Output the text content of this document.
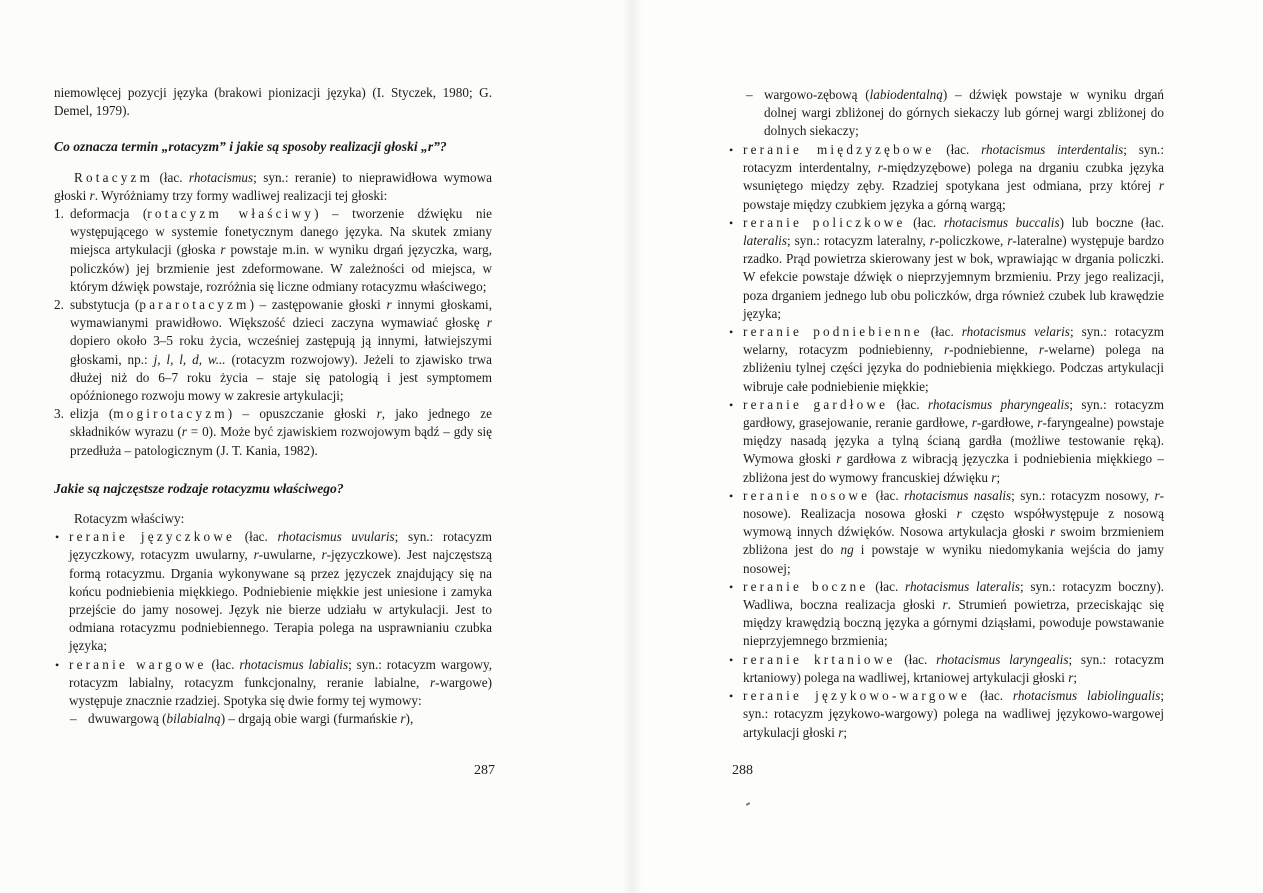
niemowlęcej pozycji języka (brakowi pionizacji języka) (I. Styczek, 1980; G. Demel, 1979).

Co oznacza termin „rotacyzm” i jakie są sposoby realizacji głoski „r”?

Rotacyzm (łac. rhotacismus; syn.: reranie) to nieprawidłowa wymowa głoski r. Wyróżniamy trzy formy wadliwej realizacji tej głoski:

1. deformacja (rotacyzm właściwy) – tworzenie dźwięku nie występującego w systemie fonetycznym danego języka. Na skutek zmiany miejsca artykulacji (głoska r powstaje m.in. w wyniku drgań języczka, warg, policzków) jej brzmienie jest zdeformowane. W zależności od miejsca, w którym dźwięk powstaje, rozróżnia się liczne odmiany rotacyzmu właściwego;
2. substytucja (pararotacyzm) – zastępowanie głoski r innymi głoskami, wymawianymi prawidłowo. Większość dzieci zaczyna wymawiać głoskę r dopiero około 3–5 roku życia, wcześniej zastępują ją innymi, łatwiejszymi głoskami, np.: j, l, l, d, w... (rotacyzm rozwojowy). Jeżeli to zjawisko trwa dłużej niż do 6–7 roku życia – staje się patologią i jest symptomem opóźnionego rozwoju mowy w zakresie artykulacji;
3. elizja (mogirotacyzm) – opuszczanie głoski r, jako jednego ze składników wyrazu (r = 0). Może być zjawiskiem rozwojowym bądź – gdy się przedłuża – patologicznym (J. T. Kania, 1982).

Jakie są najczęstsze rodzaje rotacyzmu właściwego?

Rotacyzm właściwy:

• reranie języczkowe (łac. rhotacismus uvularis; syn.: rotacyzm języczkowy, rotacyzm uwularny, r-uwularne, r-języczkowe). Jest najczęstszą formą rotacyzmu. Drgania wykonywane są przez języczek znajdujący się na końcu podniebienia miękkiego. Podniebienie miękkie jest uniesione i zamyka przejście do jamy nosowej. Język nie bierze udziału w artykulacji. Jest to odmiana rotacyzmu podniebiennego. Terapia polega na usprawnianiu czubka języka;
• reranie wargowe (łac. rhotacismus labialis; syn.: rotacyzm wargowy, rotacyzm labialny, rotacyzm funkcjonalny, reranie labialne, r-wargowe) występuje znacznie rzadziej. Spotyka się dwie formy tej wymowy:

– dwuwargową (bilabialną) – drgają obie wargi (furmańskie r),

287

– wargowo-zębową (labiodentalną) – dźwięk powstaje w wyniku drgań dolnej wargi zbliżonej do górnych siekaczy lub górnej wargi zbliżonej do dolnych siekaczy;

• reranie międzyzębowe (łac. rhotacismus interdentalis; syn.: rotacyzm interdentalny, r-międzyzębowe) polega na drganiu czubka języka wsuniętego między zęby. Rzadziej spotykana jest odmiana, przy której r powstaje między czubkiem języka a górną wargą;
• reranie policzkowe (łac. rhotacismus buccalis) lub boczne (łac. lateralis; syn.: rotacyzm lateralny, r-policzkowe, r-lateralne) występuje bardzo rzadko. Prąd powietrza skierowany jest w bok, wprawiając w drgania policzki. W efekcie powstaje dźwięk o nieprzyjemnym brzmieniu. Przy jego realizacji, poza drganiem jednego lub obu policzków, drga również czubek lub krawędzie języka;
• reranie podniebienne (łac. rhotacismus velaris; syn.: rotacyzm welarny, rotacyzm podniebienny, r-podniebienne, r-welarne) polega na zbliżeniu tylnej części języka do podniebienia miękkiego. Podczas artykulacji wibruje całe podniebienie miękkie;
• reranie gardłowe (łac. rhotacismus pharyngealis; syn.: rotacyzm gardłowy, grasejowanie, reranie gardłowe, r-gardłowe, r-faryngealne) powstaje między nasadą języka a tylną ścianą gardła (możliwe testowanie ręką). Wymowa głoski r gardłowa z wibracją języczka i podniebienia miękkiego – zbliżona jest do wymowy francuskiej dźwięku r;
• reranie nosowe (łac. rhotacismus nasalis; syn.: rotacyzm nosowy, r-nosowe). Realizacja nosowa głoski r często współwystępuje z nosową wymową innych dźwięków. Nosowa artykulacja głoski r swoim brzmieniem zbliżona jest do ng i powstaje w wyniku niedomykania wejścia do jamy nosowej;
• reranie boczne (łac. rhotacismus lateralis; syn.: rotacyzm boczny). Wadliwa, boczna realizacja głoski r. Strumień powietrza, przeciskając się między krawędzią boczną języka a górnymi dziąsłami, powoduje powstawanie nieprzyjemnego brzmienia;
• reranie krtaniowe (łac. rhotacismus laryngealis; syn.: rotacyzm krtaniowy) polega na wadliwej, krtaniowej artykulacji głoski r;
• reranie językowo-wargowe (łac. rhotacismus labiolingualis; syn.: rotacyzm językowo-wargowy) polega na wadliwej językowo-wargowej artykulacji głoski r;
288
